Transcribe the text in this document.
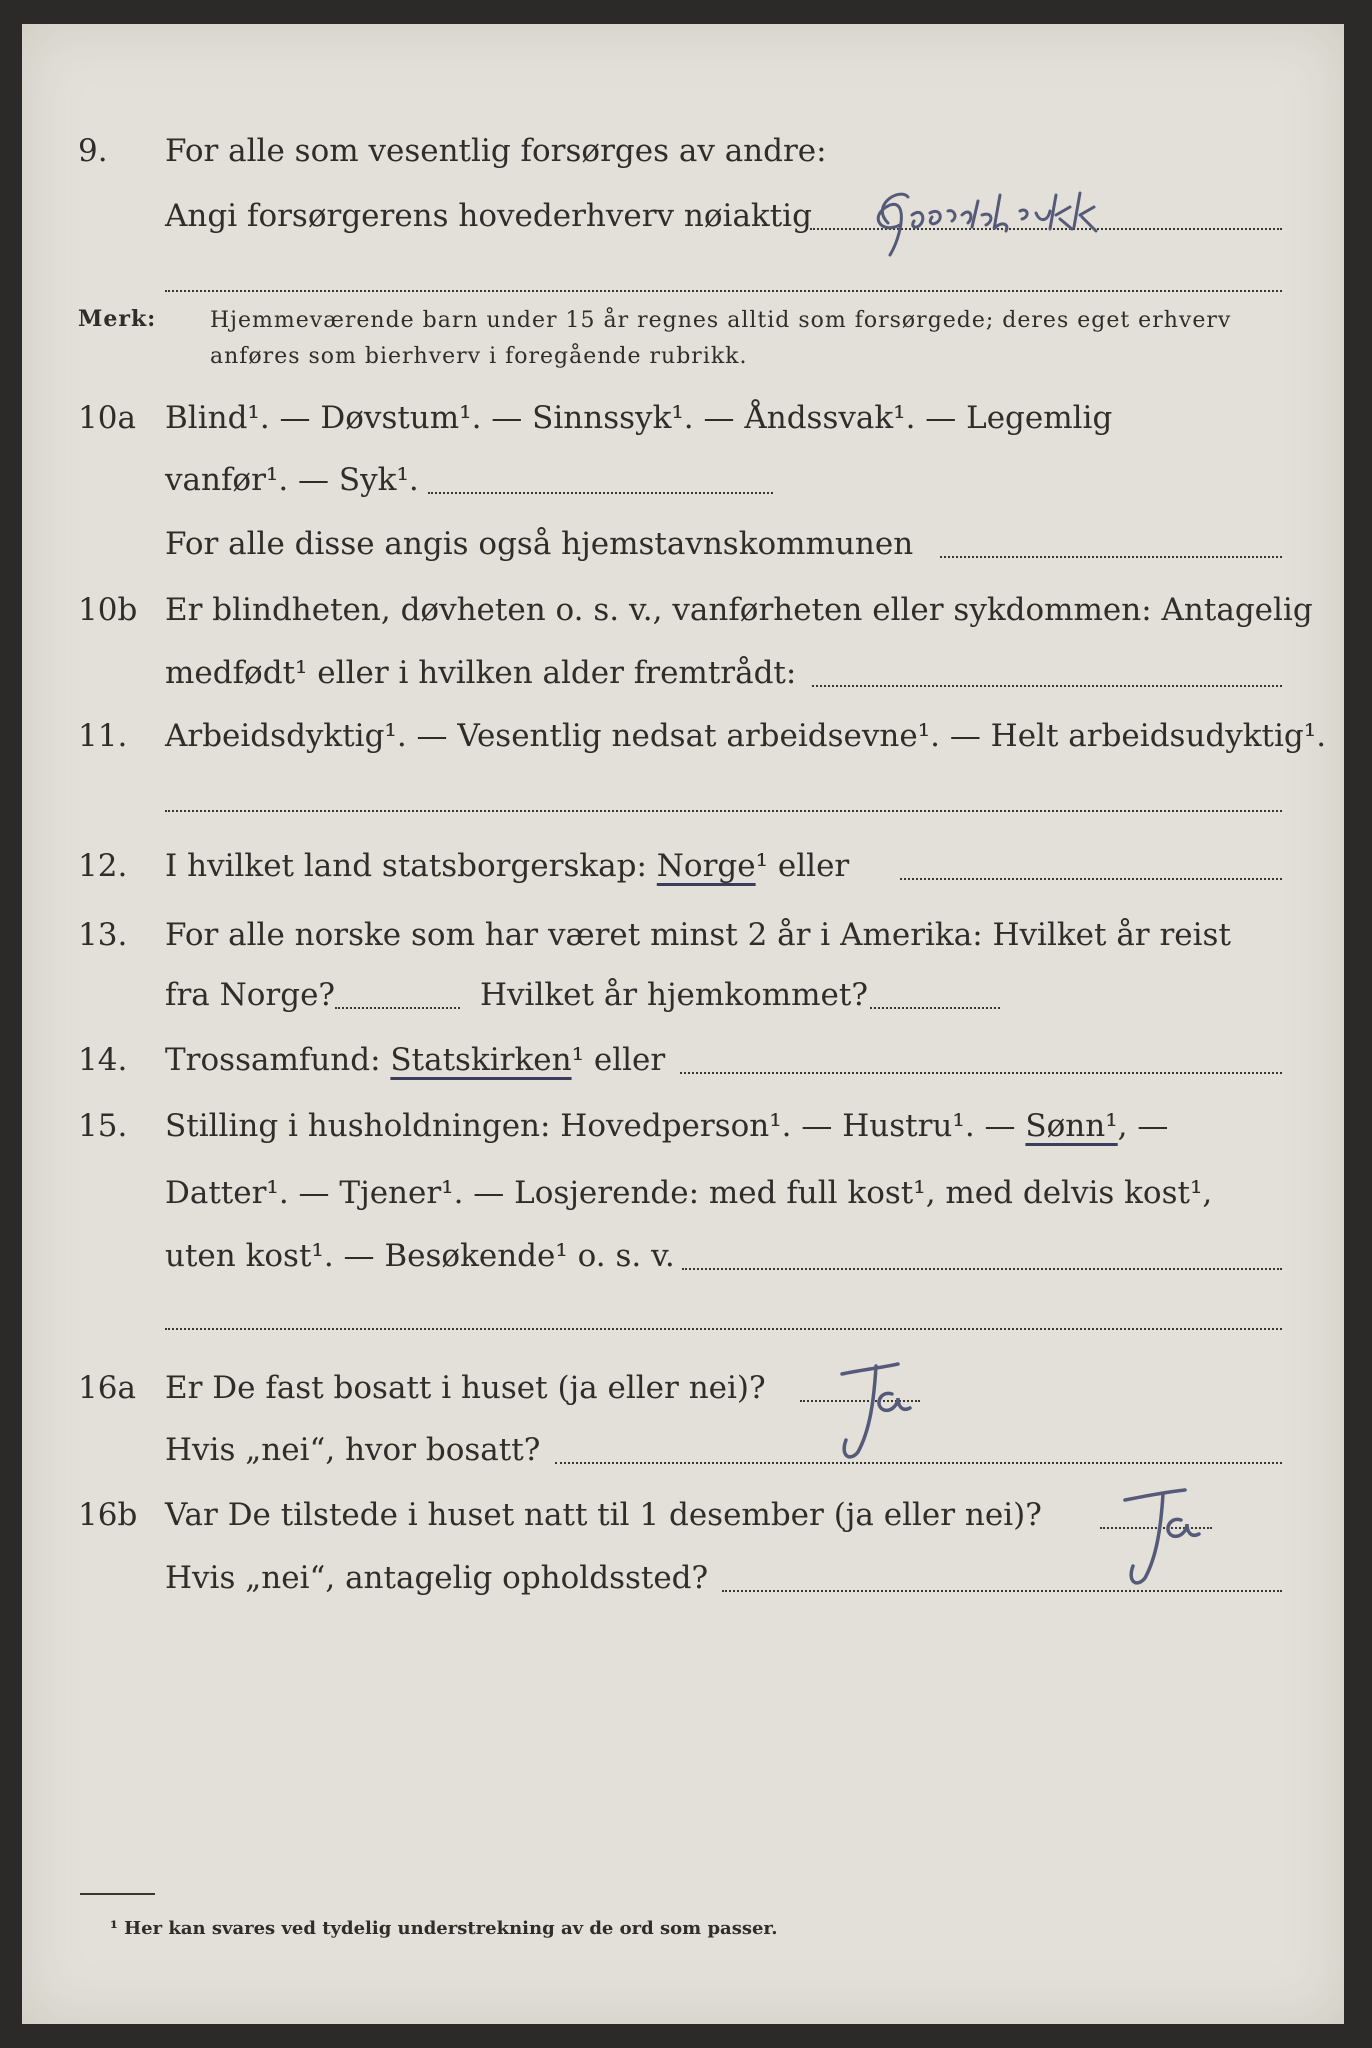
9. For alle som vesentlig forsørges av andre:
Angi forsørgerens hovederhverv nøiaktig
Merk: Hjemmeværende barn under 15 år regnes alltid som forsørgede; deres eget erhverv
anføres som bierhverv i foregående rubrikk.
10a Blind¹. — Døvstum¹. — Sinnssyk¹. — Åndssvak¹. — Legemlig
vanfør¹. — Syk¹.
For alle disse angis også hjemstavnskommunen
10b Er blindheten, døvheten o. s. v., vanførheten eller sykdommen: Antagelig
medfødt¹ eller i hvilken alder fremtrådt:
11. Arbeidsdyktig¹. — Vesentlig nedsat arbeidsevne¹. — Helt arbeidsudyktig¹.
12. I hvilket land statsborgerskap: Norge¹ eller
13. For alle norske som har været minst 2 år i Amerika: Hvilket år reist
fra Norge?	Hvilket år hjemkommet?
14. Trossamfund: Statskirken¹ eller
15. Stilling i husholdningen: Hovedperson¹. — Hustru¹. — Sønn¹, —
Datter¹. — Tjener¹. — Losjerende: med full kost¹, med delvis kost¹,
uten kost¹. — Besøkende¹ o. s. v.
16a Er De fast bosatt i huset (ja eller nei)?
Hvis „nei“, hvor bosatt?
16b Var De tilstede i huset natt til 1 desember (ja eller nei)?
Hvis „nei“, antagelig opholdssted?
¹ Her kan svares ved tydelig understrekning av de ord som passer.
